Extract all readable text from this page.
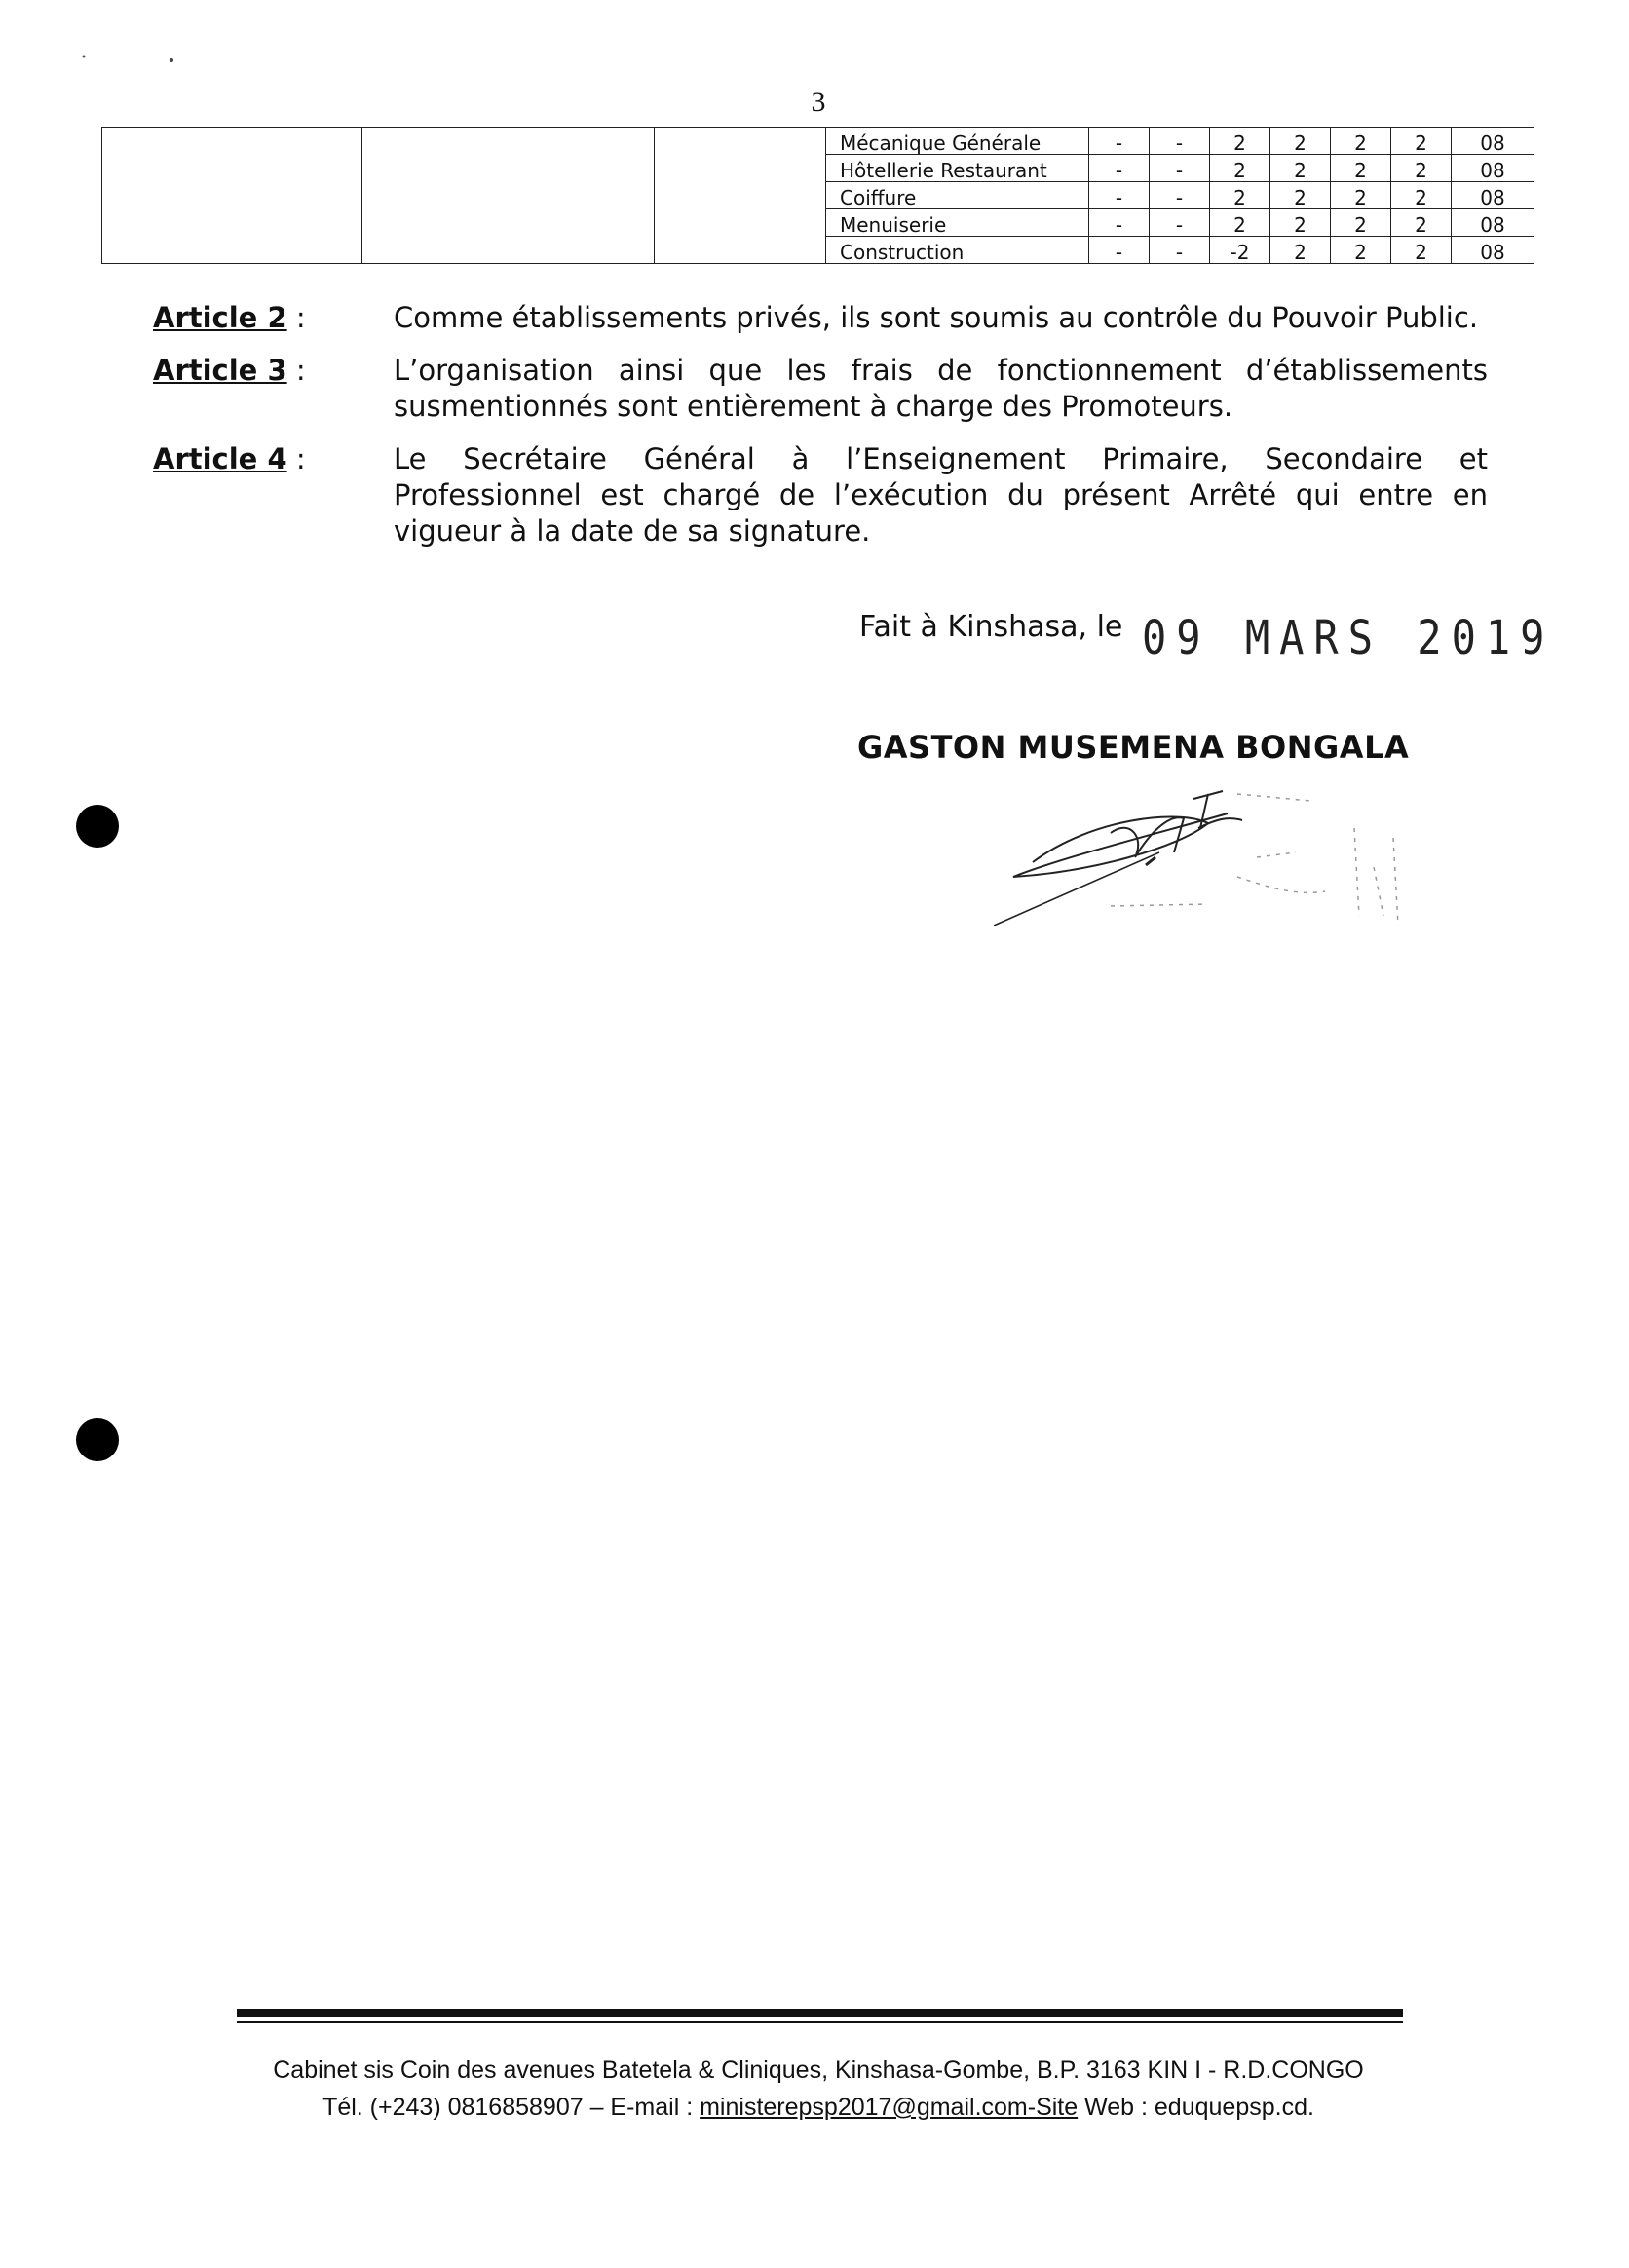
3
			Mécanique Générale	-	-	2	2	2	2	08
			Hôtellerie Restaurant	-	-	2	2	2	2	08
			Coiffure	-	-	2	2	2	2	08
			Menuiserie	-	-	2	2	2	2	08
			Construction	-	-	-2	2	2	2	08
Article 2 :	Comme établissements privés, ils sont soumis au contrôle du Pouvoir Public.
Article 3 :	L’organisation ainsi que les frais de fonctionnement d’établissements susmentionnés sont entièrement à charge des Promoteurs.
Article 4 :	Le Secrétaire Général à l’Enseignement Primaire, Secondaire et Professionnel est chargé de l’exécution du présent Arrêté qui entre en vigueur à la date de sa signature.
Fait à Kinshasa, le 09 MARS 2019
GASTON MUSEMENA BONGALA
Cabinet sis Coin des avenues Batetela & Cliniques, Kinshasa-Gombe, B.P. 3163 KIN I - R.D.CONGO
Tél. (+243) 0816858907 – E-mail : ministerepsp2017@gmail.com-Site Web : eduquepsp.cd.
